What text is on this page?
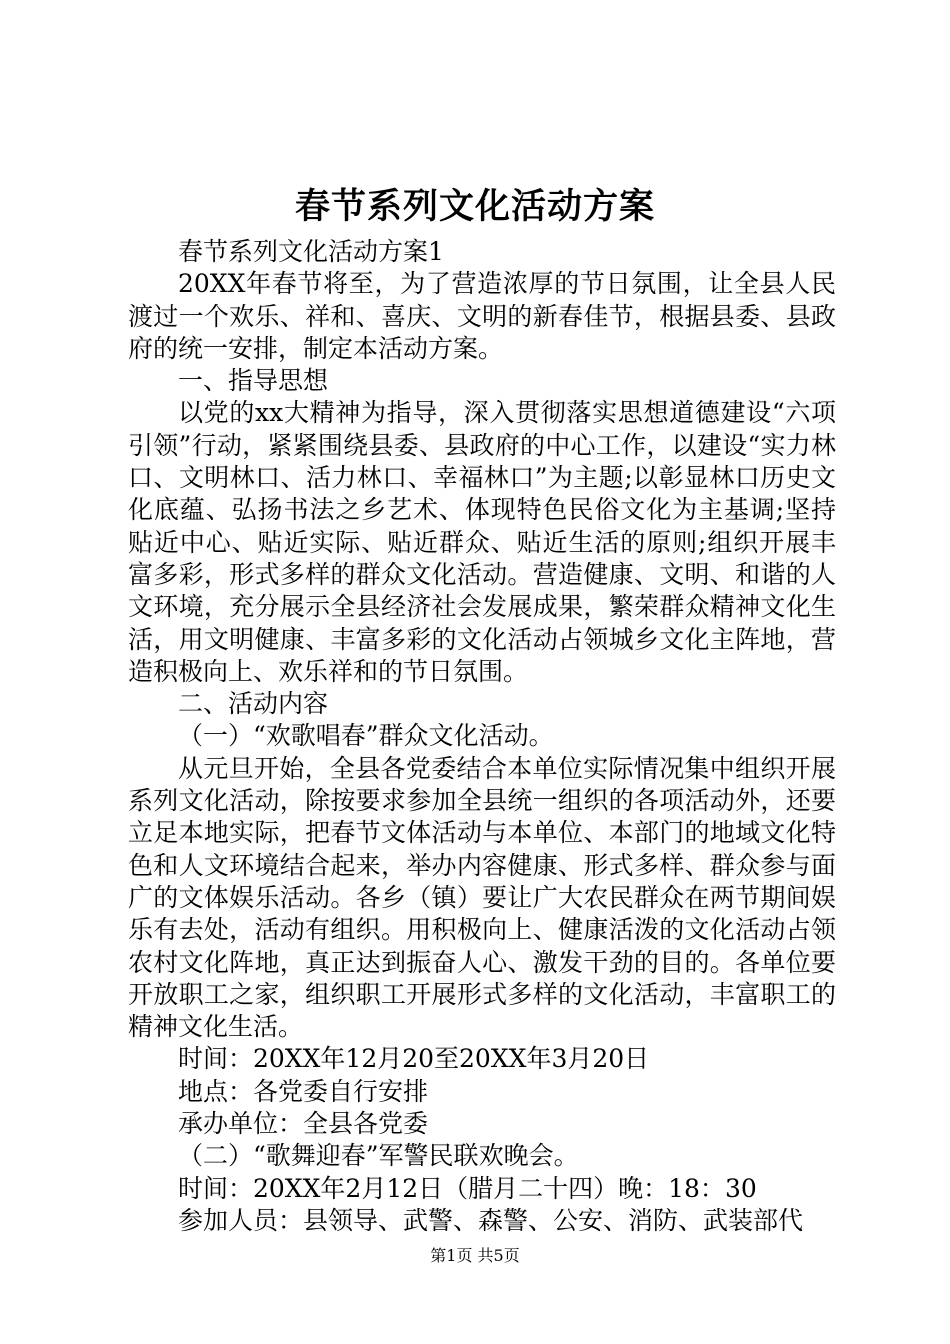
春节系列文化活动方案

春节系列文化活动方案1

20XX年春节将至，为了营造浓厚的节日氛围，让全县人民渡过一个欢乐、祥和、喜庆、文明的新春佳节，根据县委、县政府的统一安排，制定本活动方案。

一、指导思想

以党的xx大精神为指导，深入贯彻落实思想道德建设“六项引领”行动，紧紧围绕县委、县政府的中心工作，以建设“实力林口、文明林口、活力林口、幸福林口”为主题;以彰显林口历史文化底蕴、弘扬书法之乡艺术、体现特色民俗文化为主基调;坚持贴近中心、贴近实际、贴近群众、贴近生活的原则;组织开展丰富多彩，形式多样的群众文化活动。营造健康、文明、和谐的人文环境，充分展示全县经济社会发展成果，繁荣群众精神文化生活，用文明健康、丰富多彩的文化活动占领城乡文化主阵地，营造积极向上、欢乐祥和的节日氛围。

二、活动内容

（一）“欢歌唱春”群众文化活动。

从元旦开始，全县各党委结合本单位实际情况集中组织开展系列文化活动，除按要求参加全县统一组织的各项活动外，还要立足本地实际，把春节文体活动与本单位、本部门的地域文化特色和人文环境结合起来，举办内容健康、形式多样、群众参与面广的文体娱乐活动。各乡（镇）要让广大农民群众在两节期间娱乐有去处，活动有组织。用积极向上、健康活泼的文化活动占领农村文化阵地，真正达到振奋人心、激发干劲的目的。各单位要开放职工之家，组织职工开展形式多样的文化活动，丰富职工的精神文化生活。

时间：20XX年12月20至20XX年3月20日

地点：各党委自行安排

承办单位：全县各党委

（二）“歌舞迎春”军警民联欢晚会。

时间：20XX年2月12日（腊月二十四）晚：18：30

参加人员：县领导、武警、森警、公安、消防、武装部代

第1页 共5页
